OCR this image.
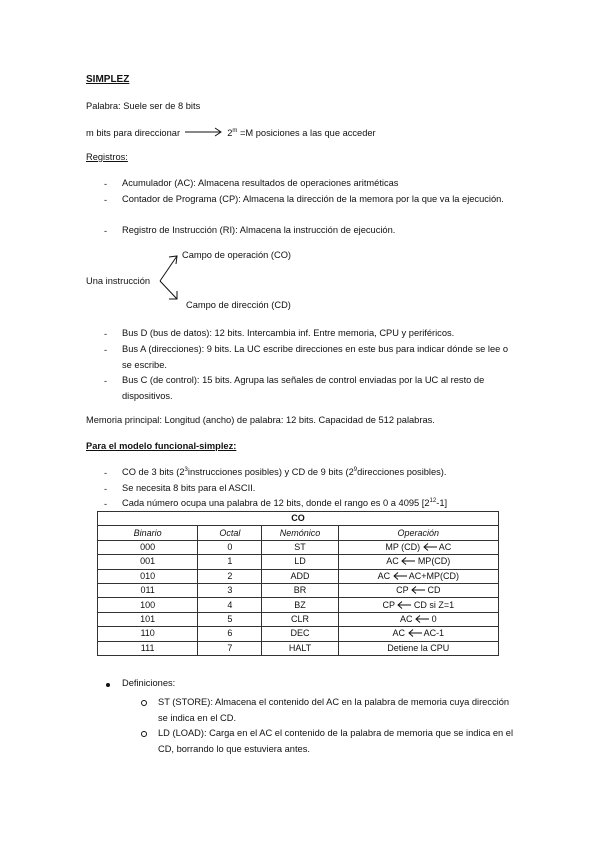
SIMPLEZ
Palabra: Suele ser de 8 bits
m bits para direccionar	$2^m =M$ posiciones a las que acceder
Registros:
- Acumulador (AC): Almacena resultados de operaciones aritméticas
- Contador de Programa (CP): Almacena la dirección de la memora por la que va la ejecución.
- Registro de Instrucción (RI): Almacena la instrucción de ejecución.
Campo de operación (CO)
Una instrucción
Campo de dirección (CD)
- Bus D (bus de datos): 12 bits. Intercambia inf. Entre memoria, CPU y periféricos.
- Bus A (direcciones): 9 bits. La UC escribe direcciones en este bus para indicar dónde se lee o se escribe.
- Bus C (de control): 15 bits. Agrupa las señales de control enviadas por la UC al resto de dispositivos.
Memoria principal: Longitud (ancho) de palabra: 12 bits. Capacidad de 512 palabras.
Para el modelo funcional-simplez:
- CO de 3 bits ($2^3instrucciones$ posibles) y CD de 9 bits ($2^9direcciones$ posibles).
- Se necesita 8 bits para el ASCII.
- Cada número ocupa una palabra de 12 bits, donde el rango es 0 a 4095 $[2^{12}-1]$
CO			
Binario	Octal	Nemónico	Operación
000	0	ST	MP (CD) AC
001	1	LD	AC MP(CD)
010	2	ADD	AC AC+MP(CD)
011	3	BR	CP CD
100	4	BZ	CP CD si Z=1
101	5	CLR	AC 0
110	6	DEC	AC AC-1
111	7	HALT	Detiene la CPU
Definiciones:
ST (STORE): Almacena el contenido del AC en la palabra de memoria cuya dirección se indica en el CD.
LD (LOAD): Carga en el AC el contenido de la palabra de memoria que se indica en el CD, borrando lo que estuviera antes.
